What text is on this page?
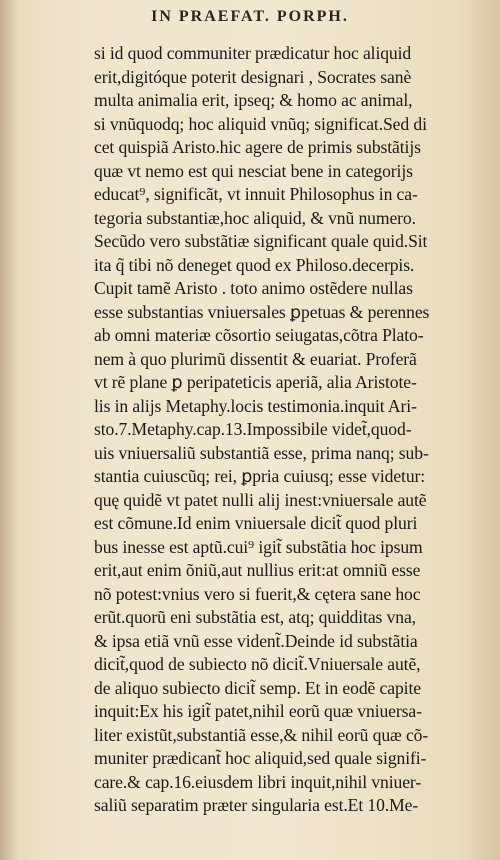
IN PRAEFAT. PORPH.
si id quod communiter prædicatur hoc aliquid
erit,digitóque poterit designari , Socrates sanè
multa animalia erit, ipseq; & homo ac animal,
si vnũquodq; hoc aliquid vnũq; significat.Sed di
cet quispiã Aristo.hic agere de primis substãtijs
quæ vt nemo est qui nesciat bene in categorijs
educat⁹, significãt, vt innuit Philosophus in ca-
tegoria substantiæ,hoc aliquid, & vnũ numero.
Secũdo vero substãtiæ significant quale quid.Sit
ita q̃ tibi nõ deneget quod ex Philoso.decerpis.
Cupit tamẽ Aristo . toto animo ostẽdere nullas
esse substantias vniuersales ꝑpetuas & perennes
ab omni materiæ cõsortio seiugatas,cõtra Plato-
nem à quo plurimũ dissentit & euariat. Proferã
vt rẽ plane ꝑ peripateticis aperiã, alia Aristote-
lis in alijs Metaphy.locis testimonia.inquit Ari-
sto.7.Metaphy.cap.13.Impossibile videt̃,quod-
uis vniuersaliũ substantiã esse, prima nanq; sub-
stantia cuiuscũq; rei, ꝑpria cuiusq; esse videtur:
quę quidẽ vt patet nulli alij inest:vniuersale autẽ
est cõmune.Id enim vniuersale dicit̃ quod pluri
bus inesse est aptũ.cui⁹ igit̃ substãtia hoc ipsum
erit,aut enim õniũ,aut nullius erit:at omniũ esse
nõ potest:vnius vero si fuerit,& cętera sane hoc
erũt.quorũ eni substãtia est, atq; quidditas vna,
& ipsa etiã vnũ esse vident̃.Deinde id substãtia
dicit̃,quod de subiecto nõ dicit̃.Vniuersale autẽ,
de aliquo subiecto dicit̃ semp. Et in eodẽ capite
inquit:Ex his igit̃ patet,nihil eorũ quæ vniuersa-
liter existũt,substantiã esse,& nihil eorũ quæ cõ-
muniter prædicant̃ hoc aliquid,sed quale signifi-
care.& cap.16.eiusdem libri inquit,nihil vniuer-
saliũ separatim præter singularia est.Et 10.Me-
